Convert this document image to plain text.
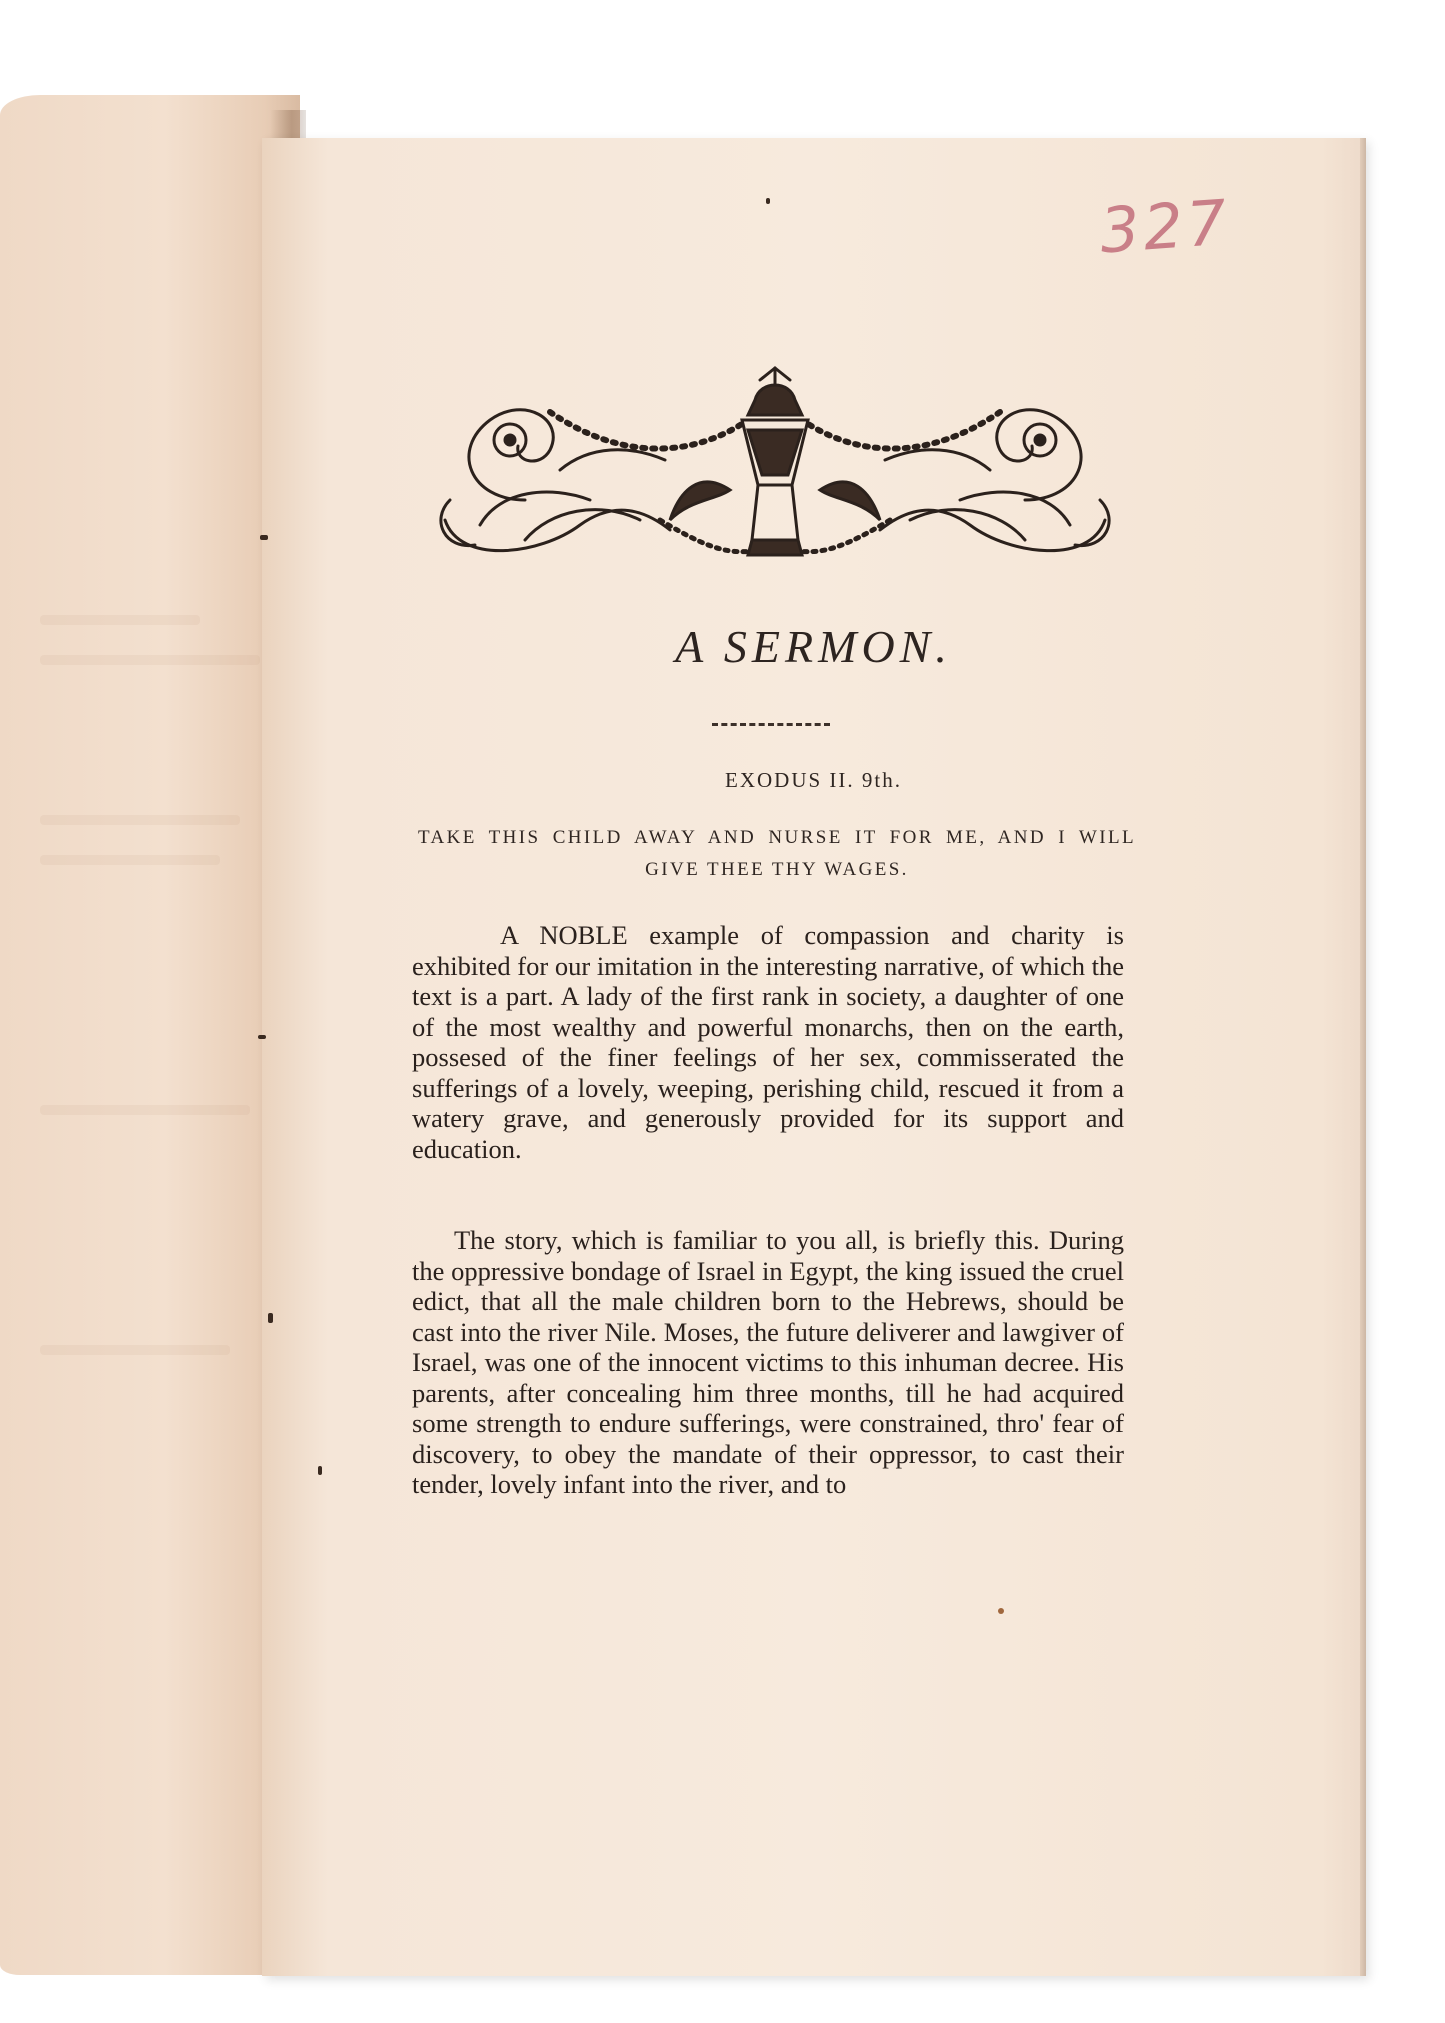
327
A SERMON.
EXODUS II. 9th.
TAKE THIS CHILD AWAY AND NURSE IT FOR ME, AND I WILL GIVE THEE THY WAGES.
A NOBLE example of compassion and charity is exhibited for our imitation in the interesting narrative, of which the text is a part. A lady of the first rank in society, a daughter of one of the most wealthy and powerful monarchs, then on the earth, possesed of the finer feelings of her sex, commisserated the sufferings of a lovely, weeping, perishing child, rescued it from a watery grave, and generously provided for its support and education.
The story, which is familiar to you all, is briefly this. During the oppressive bondage of Israel in Egypt, the king issued the cruel edict, that all the male children born to the Hebrews, should be cast into the river Nile. Moses, the future deliverer and lawgiver of Israel, was one of the innocent victims to this inhuman decree. His parents, after concealing him three months, till he had acquired some strength to endure sufferings, were constrained, thro' fear of discovery, to obey the mandate of their oppressor, to cast their tender, lovely infant into the river, and to
